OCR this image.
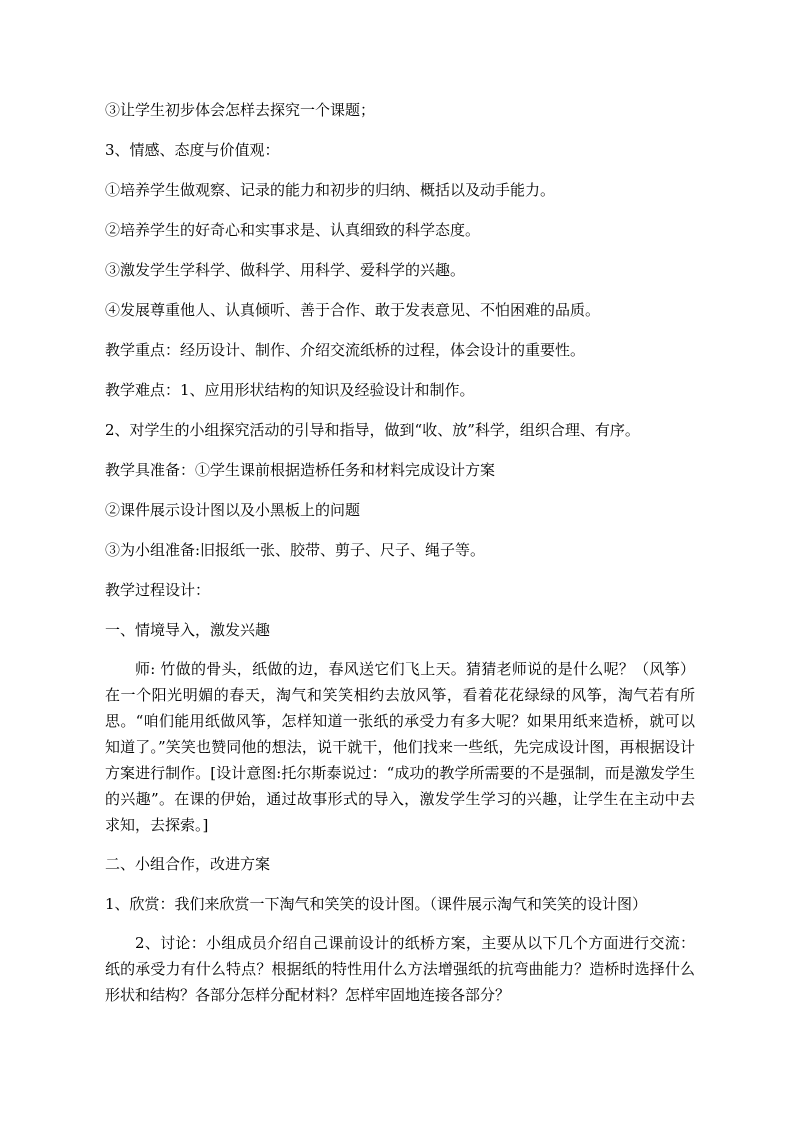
③让学生初步体会怎样去探究一个课题；
3、情感、态度与价值观：
①培养学生做观察、记录的能力和初步的归纳、概括以及动手能力。
②培养学生的好奇心和实事求是、认真细致的科学态度。
③激发学生学科学、做科学、用科学、爱科学的兴趣。
④发展尊重他人、认真倾听、善于合作、敢于发表意见、不怕困难的品质。
教学重点：经历设计、制作、介绍交流纸桥的过程，体会设计的重要性。
教学难点：1、应用形状结构的知识及经验设计和制作。
2、对学生的小组探究活动的引导和指导，做到“收、放”科学，组织合理、有序。
教学具准备：①学生课前根据造桥任务和材料完成设计方案
②课件展示设计图以及小黑板上的问题
③为小组准备:旧报纸一张、胶带、剪子、尺子、绳子等。
教学过程设计：
一、情境导入，激发兴趣
师: 竹做的骨头，纸做的边，春风送它们飞上天。猜猜老师说的是什么呢？（风筝）在一个阳光明媚的春天，淘气和笑笑相约去放风筝，看着花花绿绿的风筝，淘气若有所思。“咱们能用纸做风筝，怎样知道一张纸的承受力有多大呢？如果用纸来造桥，就可以知道了。”笑笑也赞同他的想法，说干就干，他们找来一些纸，先完成设计图，再根据设计方案进行制作。[设计意图:托尔斯泰说过：“成功的教学所需要的不是强制，而是激发学生的兴趣”。在课的伊始，通过故事形式的导入，激发学生学习的兴趣，让学生在主动中去求知，去探索。]
二、小组合作，改进方案
1、欣赏：我们来欣赏一下淘气和笑笑的设计图。（课件展示淘气和笑笑的设计图）
2、讨论：小组成员介绍自己课前设计的纸桥方案，主要从以下几个方面进行交流：纸的承受力有什么特点？根据纸的特性用什么方法增强纸的抗弯曲能力？造桥时选择什么形状和结构？各部分怎样分配材料？怎样牢固地连接各部分？
